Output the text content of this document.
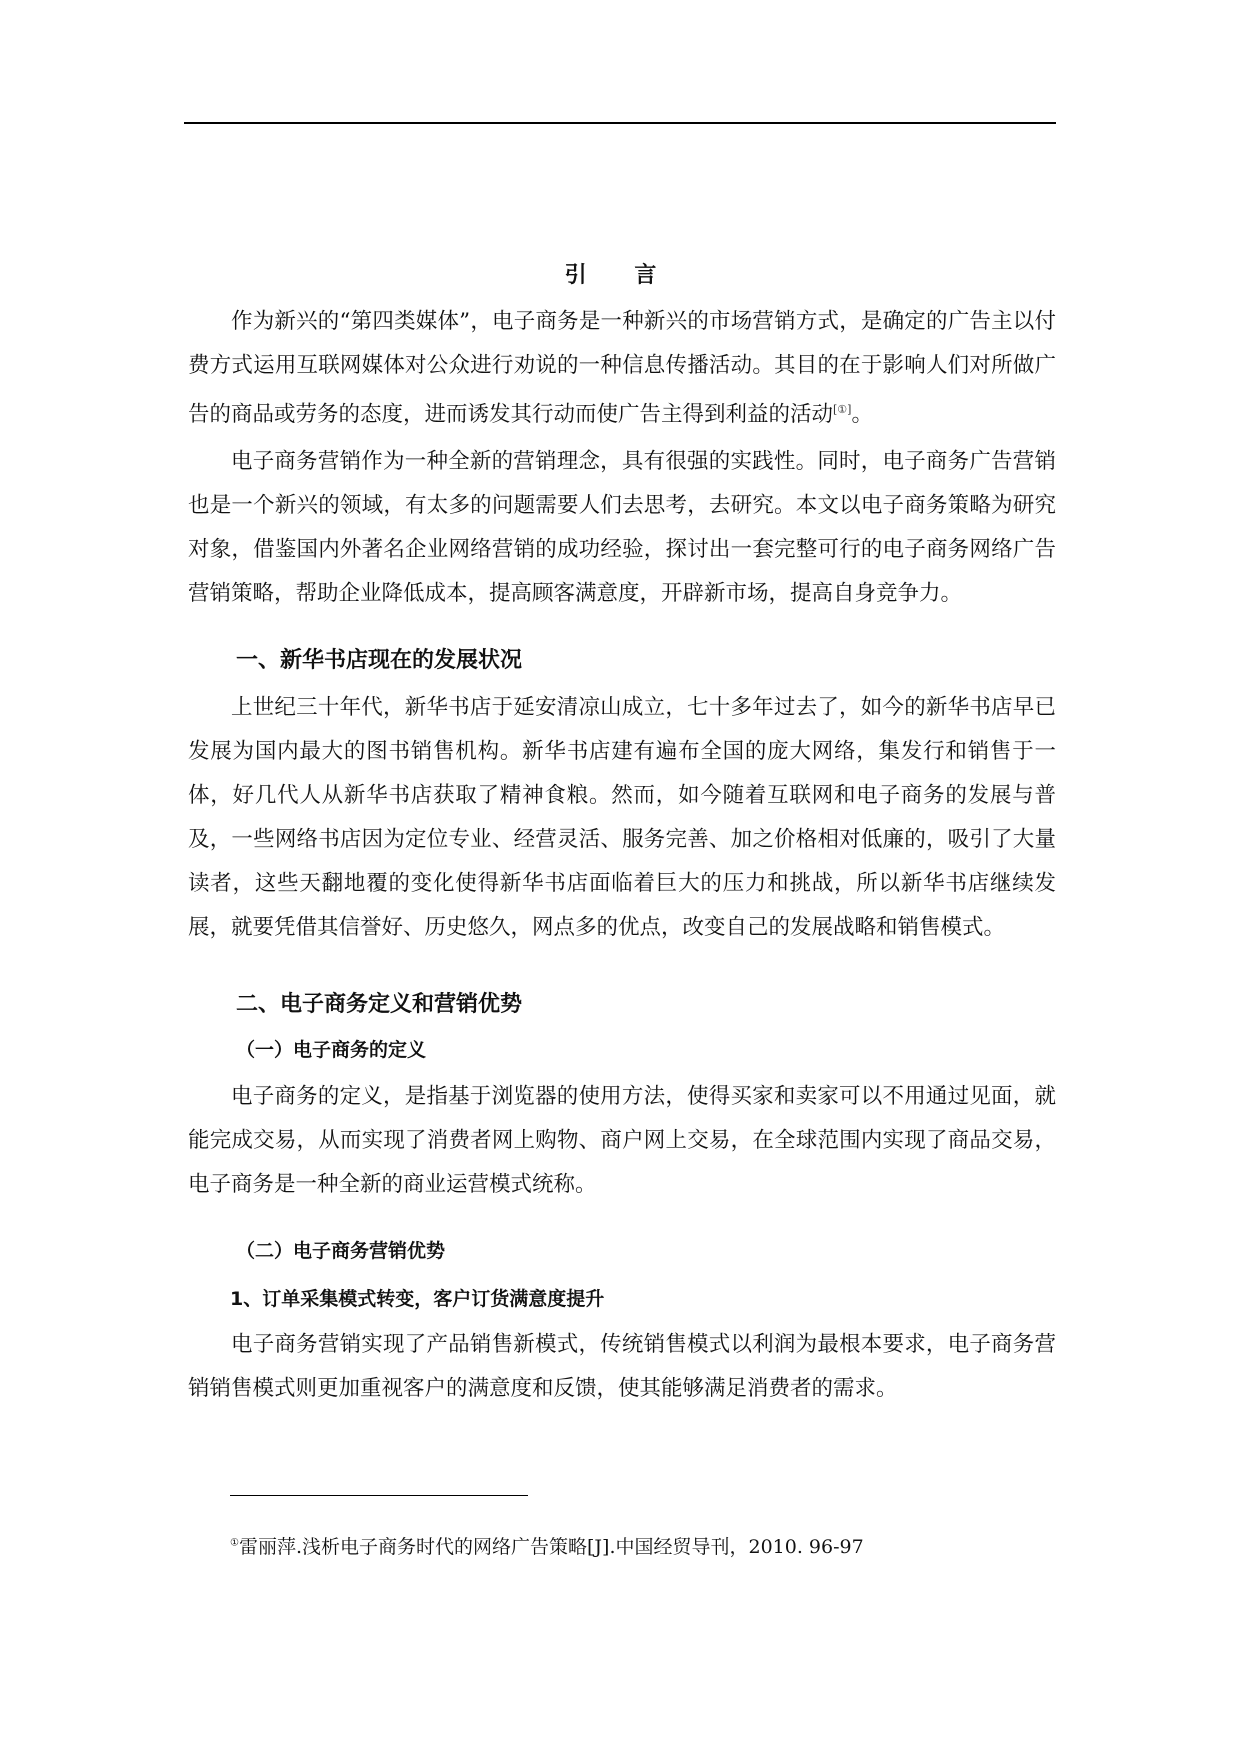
引 言

作为新兴的“第四类媒体”，电子商务是一种新兴的市场营销方式，是确定的广告主以付费方式运用互联网媒体对公众进行劝说的一种信息传播活动。其目的在于影响人们对所做广告的商品或劳务的态度，进而诱发其行动而使广告主得到利益的活动[①]。

电子商务营销作为一种全新的营销理念，具有很强的实践性。同时，电子商务广告营销也是一个新兴的领域，有太多的问题需要人们去思考，去研究。本文以电子商务策略为研究对象，借鉴国内外著名企业网络营销的成功经验，探讨出一套完整可行的电子商务网络广告营销策略，帮助企业降低成本，提高顾客满意度，开辟新市场，提高自身竞争力。

一、新华书店现在的发展状况

上世纪三十年代，新华书店于延安清凉山成立，七十多年过去了，如今的新华书店早已发展为国内最大的图书销售机构。新华书店建有遍布全国的庞大网络，集发行和销售于一体，好几代人从新华书店获取了精神食粮。然而，如今随着互联网和电子商务的发展与普及，一些网络书店因为定位专业、经营灵活、服务完善、加之价格相对低廉的，吸引了大量读者，这些天翻地覆的变化使得新华书店面临着巨大的压力和挑战，所以新华书店继续发展，就要凭借其信誉好、历史悠久，网点多的优点，改变自己的发展战略和销售模式。

二、电子商务定义和营销优势
（一）电子商务的定义

电子商务的定义，是指基于浏览器的使用方法，使得买家和卖家可以不用通过见面，就能完成交易，从而实现了消费者网上购物、商户网上交易，在全球范围内实现了商品交易，电子商务是一种全新的商业运营模式统称。

（二）电子商务营销优势
1、订单采集模式转变，客户订货满意度提升

电子商务营销实现了产品销售新模式，传统销售模式以利润为最根本要求，电子商务营销销售模式则更加重视客户的满意度和反馈，使其能够满足消费者的需求。

①雷丽萍.浅析电子商务时代的网络广告策略[J].中国经贸导刊，2010. 96-97
